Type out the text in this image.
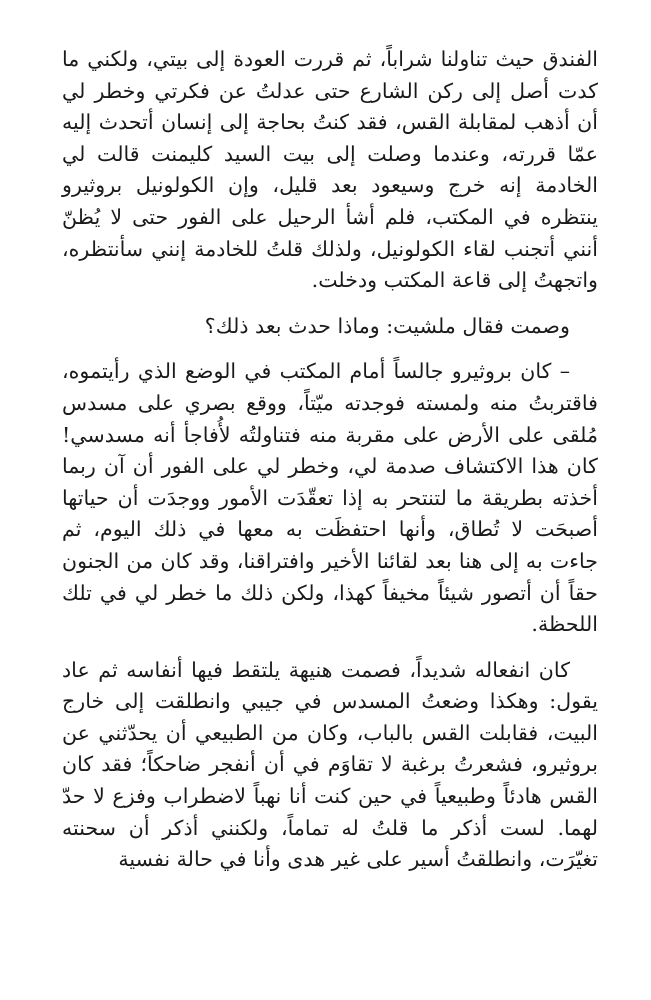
الفندق حيث تناولنا شراباً، ثم قررت العودة إلى بيتي، ولكني ما كدت أصل إلى ركن الشارع حتى عدلتُ عن فكرتي وخطر لي أن أذهب لمقابلة القس، فقد كنتُ بحاجة إلى إنسان أتحدث إليه عمّا قررته، وعندما وصلت إلى بيت السيد كليمنت قالت لي الخادمة إنه خرج وسيعود بعد قليل، وإن الكولونيل بروثيرو ينتظره في المكتب، فلم أشأ الرحيل على الفور حتى لا يُظنّ أنني أتجنب لقاء الكولونيل، ولذلك قلتُ للخادمة إنني سأنتظره، واتجهتُ إلى قاعة المكتب ودخلت.

وصمت فقال ملشيت: وماذا حدث بعد ذلك؟

– كان بروثيرو جالساً أمام المكتب في الوضع الذي رأيتموه، فاقتربتُ منه ولمسته فوجدته ميّتاً، ووقع بصري على مسدس مُلقى على الأرض على مقربة منه فتناولتُه لأُفاجأ أنه مسدسي! كان هذا الاكتشاف صدمة لي، وخطر لي على الفور أن آن ربما أخذته بطريقة ما لتنتحر به إذا تعقّدَت الأمور ووجدَت أن حياتها أصبحَت لا تُطاق، وأنها احتفظَت به معها في ذلك اليوم، ثم جاءت به إلى هنا بعد لقائنا الأخير وافتراقنا، وقد كان من الجنون حقاً أن أتصور شيئاً مخيفاً كهذا، ولكن ذلك ما خطر لي في تلك اللحظة.

كان انفعاله شديداً، فصمت هنيهة يلتقط فيها أنفاسه ثم عاد يقول: وهكذا وضعتُ المسدس في جيبي وانطلقت إلى خارج البيت، فقابلت القس بالباب، وكان من الطبيعي أن يحدّثني عن بروثيرو، فشعرتُ برغبة لا تقاوَم في أن أنفجر ضاحكاً؛ فقد كان القس هادئاً وطبيعياً في حين كنت أنا نهباً لاضطراب وفزع لا حدّ لهما. لست أذكر ما قلتُ له تماماً، ولكنني أذكر أن سحنته تغيّرَت، وانطلقتُ أسير على غير هدى وأنا في حالة نفسية
